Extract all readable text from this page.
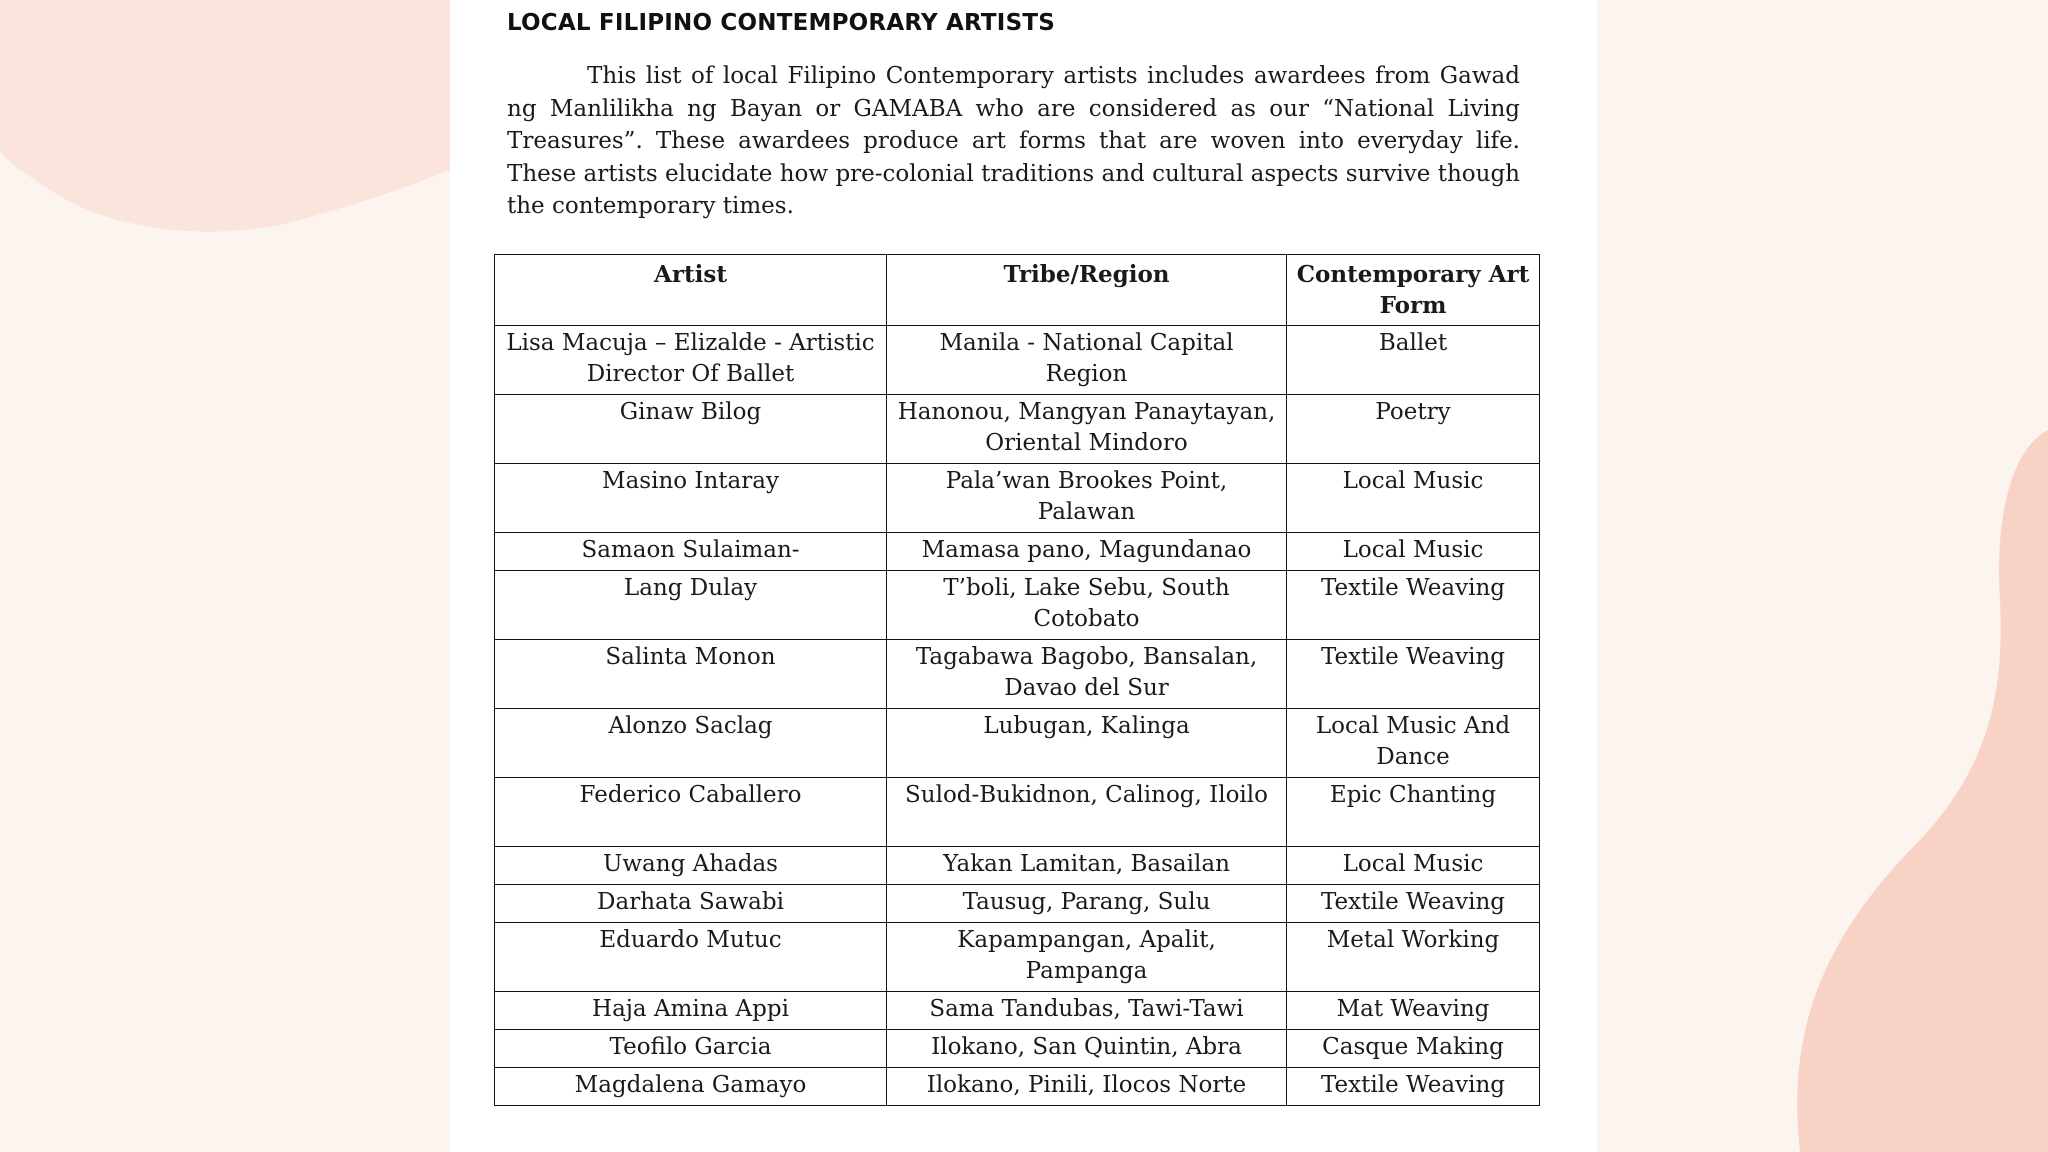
LOCAL FILIPINO CONTEMPORARY ARTISTS

This list of local Filipino Contemporary artists includes awardees from Gawad ng Manlilikha ng Bayan or GAMABA who are considered as our “National Living Treasures”. These awardees produce art forms that are woven into everyday life. These artists elucidate how pre-colonial traditions and cultural aspects survive though the contemporary times.

Artist	Tribe/Region	Contemporary Art Form
Lisa Macuja – Elizalde - Artistic Director Of Ballet	Manila - National Capital Region	Ballet
Ginaw Bilog	Hanonou, Mangyan Panaytayan, Oriental Mindoro	Poetry
Masino Intaray	Pala’wan Brookes Point, Palawan	Local Music
Samaon Sulaiman-	Mamasa pano, Magundanao	Local Music
Lang Dulay	T’boli, Lake Sebu, South Cotobato	Textile Weaving
Salinta Monon	Tagabawa Bagobo, Bansalan, Davao del Sur	Textile Weaving
Alonzo Saclag	Lubugan, Kalinga	Local Music And Dance
Federico Caballero	Sulod-Bukidnon, Calinog, Iloilo	Epic Chanting
Uwang Ahadas	Yakan Lamitan, Basailan	Local Music
Darhata Sawabi	Tausug, Parang, Sulu	Textile Weaving
Eduardo Mutuc	Kapampangan, Apalit, Pampanga	Metal Working
Haja Amina Appi	Sama Tandubas, Tawi-Tawi	Mat Weaving
Teofilo Garcia	Ilokano, San Quintin, Abra	Casque Making
Magdalena Gamayo	Ilokano, Pinili, Ilocos Norte	Textile Weaving
